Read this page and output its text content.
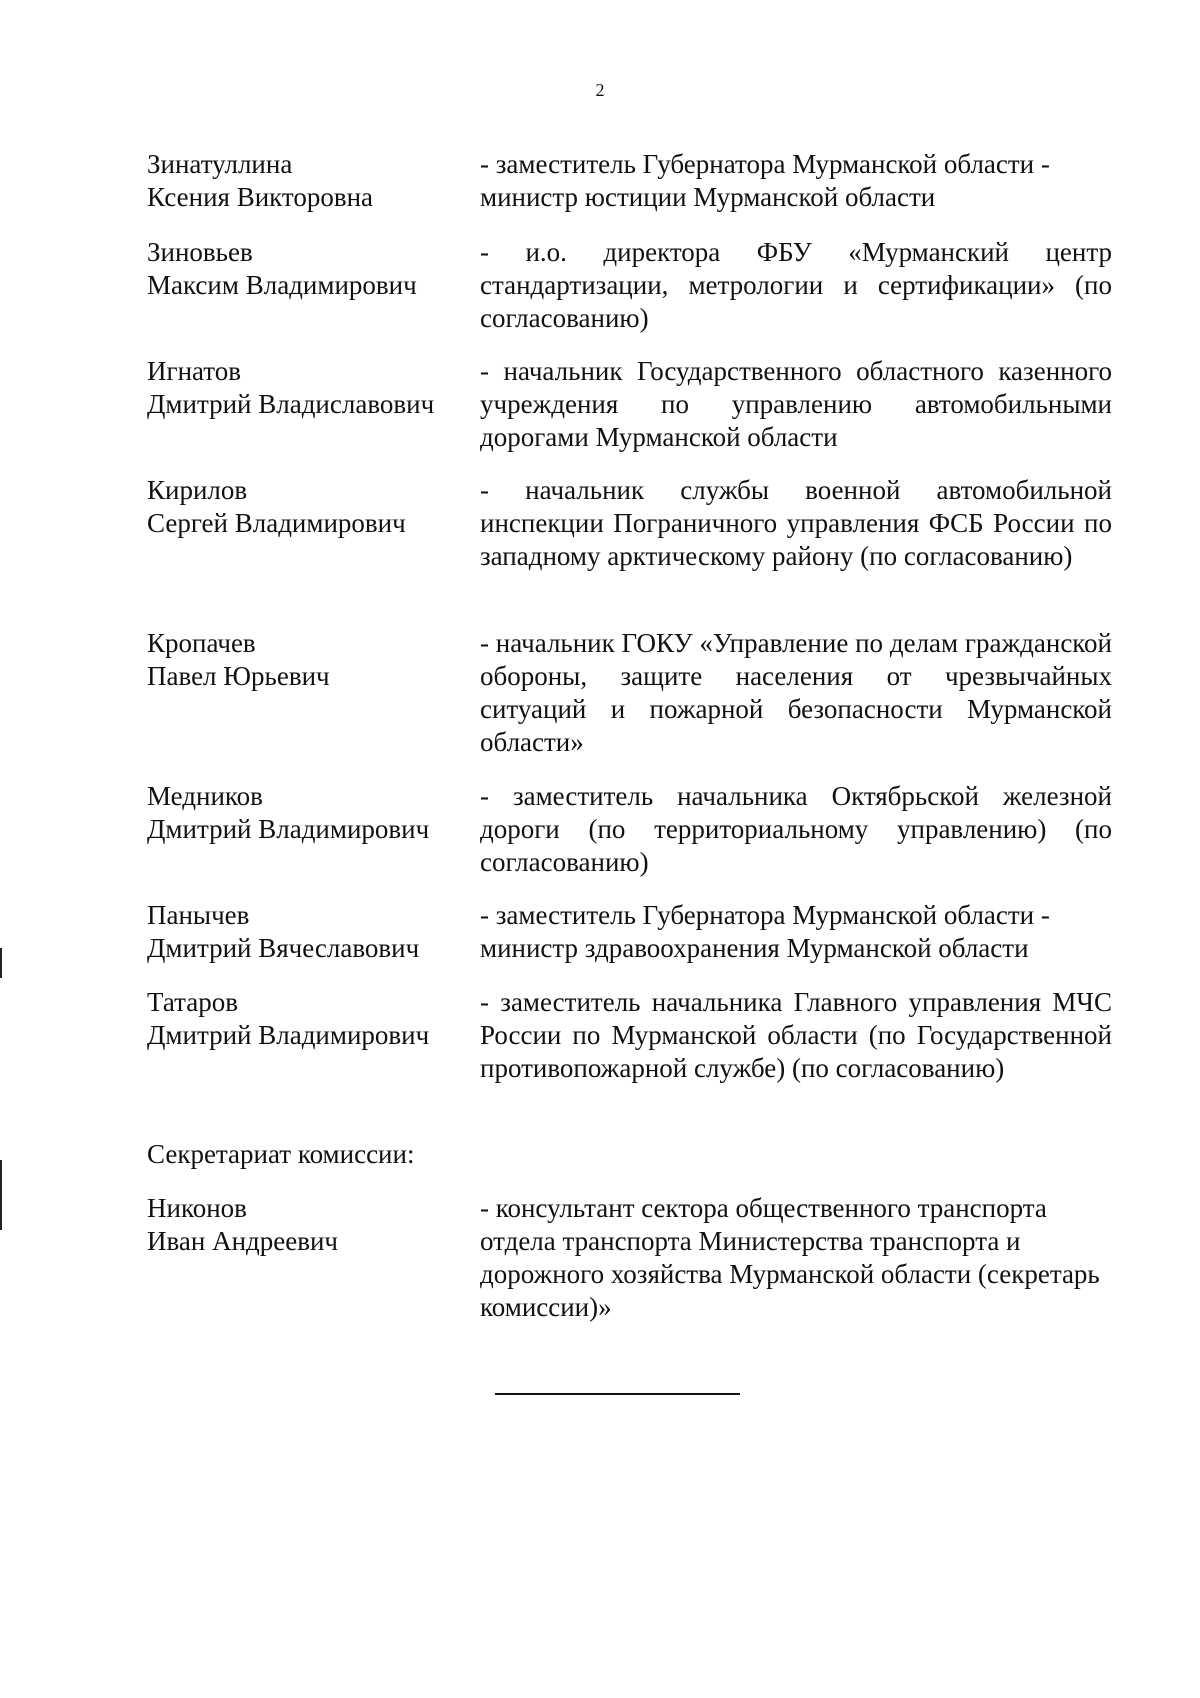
2
Зинатуллина
Ксения Викторовна
- заместитель Губернатора Мурманской области - министр юстиции Мурманской области
Зиновьев
Максим Владимирович
- и.о. директора ФБУ «Мурманский центр стандартизации, метрологии и сертификации» (по согласованию)
Игнатов
Дмитрий Владиславович
- начальник Государственного областного казенного учреждения по управлению автомобильными дорогами Мурманской области
Кирилов
Сергей Владимирович
- начальник службы военной автомобильной инспекции Пограничного управления ФСБ России по западному арктическому району (по согласованию)
Кропачев
Павел Юрьевич
- начальник ГОКУ «Управление по делам гражданской обороны, защите населения от чрезвычайных ситуаций и пожарной безопасности Мурманской области»
Медников
Дмитрий Владимирович
- заместитель начальника Октябрьской железной дороги (по территориальному управлению) (по согласованию)
Панычев
Дмитрий Вячеславович
- заместитель Губернатора Мурманской области - министр здравоохранения Мурманской области
Татаров
Дмитрий Владимирович
- заместитель начальника Главного управления МЧС России по Мурманской области (по Государственной противопожарной службе) (по согласованию)
Секретариат комиссии:
Никонов
Иван Андреевич
- консультант сектора общественного транспорта отдела транспорта Министерства транспорта и дорожного хозяйства Мурманской области (секретарь комиссии)»
